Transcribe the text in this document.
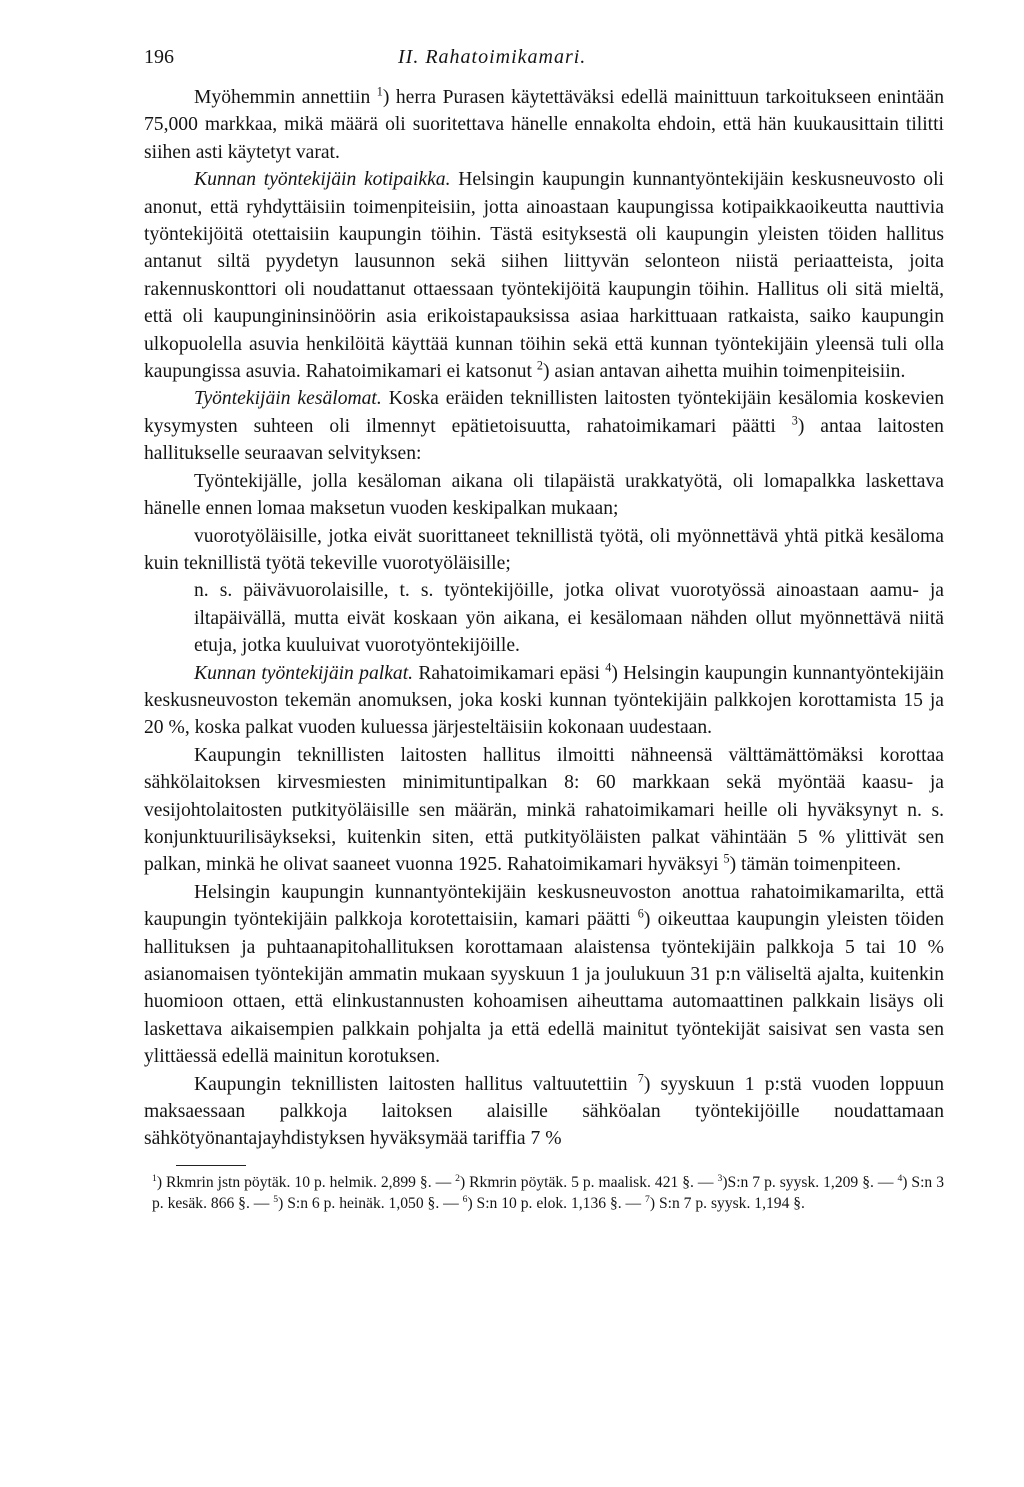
196	II. Rahatoimikamari.

Myöhemmin annettiin $^1$) herra Purasen käytettäväksi edellä mainittuun tarkoitukseen enintään 75,000 markkaa, mikä määrä oli suoritettava hänelle ennakolta ehdoin, että hän kuukausittain tilitti siihen asti käytetyt varat.

Kunnan työntekijäin kotipaikka. Helsingin kaupungin kunnantyöntekijäin keskusneuvosto oli anonut, että ryhdyttäisiin toimenpiteisiin, jotta ainoastaan kaupungissa kotipaikkaoikeutta nauttivia työntekijöitä otettaisiin kaupungin töihin. Tästä esityksestä oli kaupungin yleisten töiden hallitus antanut siltä pyydetyn lausunnon sekä siihen liittyvän selonteon niistä periaatteista, joita rakennuskonttori oli noudattanut ottaessaan työntekijöitä kaupungin töihin. Hallitus oli sitä mieltä, että oli kaupungininsinöörin asia erikoistapauksissa asiaa harkittuaan ratkaista, saiko kaupungin ulkopuolella asuvia henkilöitä käyttää kunnan töihin sekä että kunnan työntekijäin yleensä tuli olla kaupungissa asuvia. Rahatoimikamari ei katsonut $^2$) asian antavan aihetta muihin toimenpiteisiin.

Työntekijäin kesälomat. Koska eräiden teknillisten laitosten työntekijäin kesälomia koskevien kysymysten suhteen oli ilmennyt epätietoisuutta, rahatoimikamari päätti $^3$) antaa laitosten hallitukselle seuraavan selvityksen:

Työntekijälle, jolla kesäloman aikana oli tilapäistä urakkatyötä, oli lomapalkka laskettava hänelle ennen lomaa maksetun vuoden keskipalkan mukaan;

vuorotyöläisille, jotka eivät suorittaneet teknillistä työtä, oli myönnettävä yhtä pitkä kesäloma kuin teknillistä työtä tekeville vuorotyöläisille;

n. s. päivävuorolaisille, t. s. työntekijöille, jotka olivat vuorotyössä ainoastaan aamu- ja iltapäivällä, mutta eivät koskaan yön aikana, ei kesälomaan nähden ollut myönnettävä niitä etuja, jotka kuuluivat vuorotyöntekijöille.

Kunnan työntekijäin palkat. Rahatoimikamari epäsi $^4$) Helsingin kaupungin kunnantyöntekijäin keskusneuvoston tekemän anomuksen, joka koski kunnan työntekijäin palkkojen korottamista 15 ja 20 %, koska palkat vuoden kuluessa järjesteltäisiin kokonaan uudestaan.

Kaupungin teknillisten laitosten hallitus ilmoitti nähneensä välttämättömäksi korottaa sähkölaitoksen kirvesmiesten minimituntipalkan 8: 60 markkaan sekä myöntää kaasu- ja vesijohtolaitosten putkityöläisille sen määrän, minkä rahatoimikamari heille oli hyväksynyt n. s. konjunktuurilisäykseksi, kuitenkin siten, että putkityöläisten palkat vähintään 5 % ylittivät sen palkan, minkä he olivat saaneet vuonna 1925. Rahatoimikamari hyväksyi $^5$) tämän toimenpiteen.

Helsingin kaupungin kunnantyöntekijäin keskusneuvoston anottua rahatoimikamarilta, että kaupungin työntekijäin palkkoja korotettaisiin, kamari päätti $^6$) oikeuttaa kaupungin yleisten töiden hallituksen ja puhtaanapitohallituksen korottamaan alaistensa työntekijäin palkkoja 5 tai 10 % asianomaisen työntekijän ammatin mukaan syyskuun 1 ja joulukuun 31 p:n väliseltä ajalta, kuitenkin huomioon ottaen, että elinkustannusten kohoamisen aiheuttama automaattinen palkkain lisäys oli laskettava aikaisempien palkkain pohjalta ja että edellä mainitut työntekijät saisivat sen vasta sen ylittäessä edellä mainitun korotuksen.

Kaupungin teknillisten laitosten hallitus valtuutettiin $^7$) syyskuun 1 p:stä vuoden loppuun maksaessaan palkkoja laitoksen alaisille sähköalan työntekijöille noudattamaan sähkötyönantajayhdistyksen hyväksymää tariffia 7 %

$^1$) Rkmrin jstn pöytäk. 10 p. helmik. 2,899 §. — $^2$) Rkmrin pöytäk. 5 p. maalisk. 421 §. — $^3$)S:n 7 p. syysk. 1,209 §. — $^4$) S:n 3 p. kesäk. 866 §. — $^5$) S:n 6 p. heinäk. 1,050 §. — $^6$) S:n 10 p. elok. 1,136 §. — $^7$) S:n 7 p. syysk. 1,194 §.
